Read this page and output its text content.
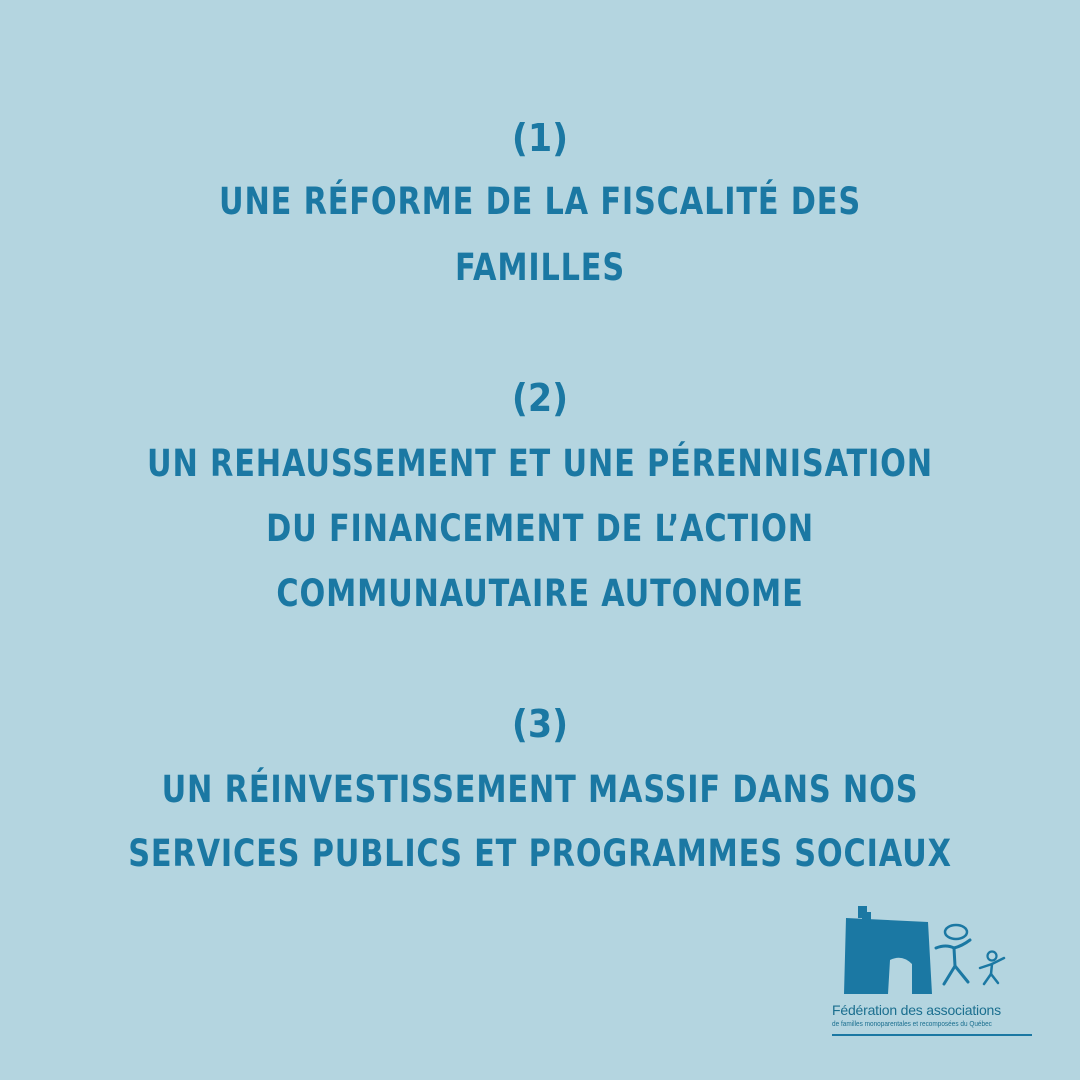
(1)
UNE RÉFORME DE LA FISCALITÉ DES
FAMILLES
(2)
UN REHAUSSEMENT ET UNE PÉRENNISATION
DU FINANCEMENT DE L’ACTION
COMMUNAUTAIRE AUTONOME
(3)
UN RÉINVESTISSEMENT MASSIF DANS NOS
SERVICES PUBLICS ET PROGRAMMES SOCIAUX
Fédération des associations
de familles monoparentales et recomposées du Québec
